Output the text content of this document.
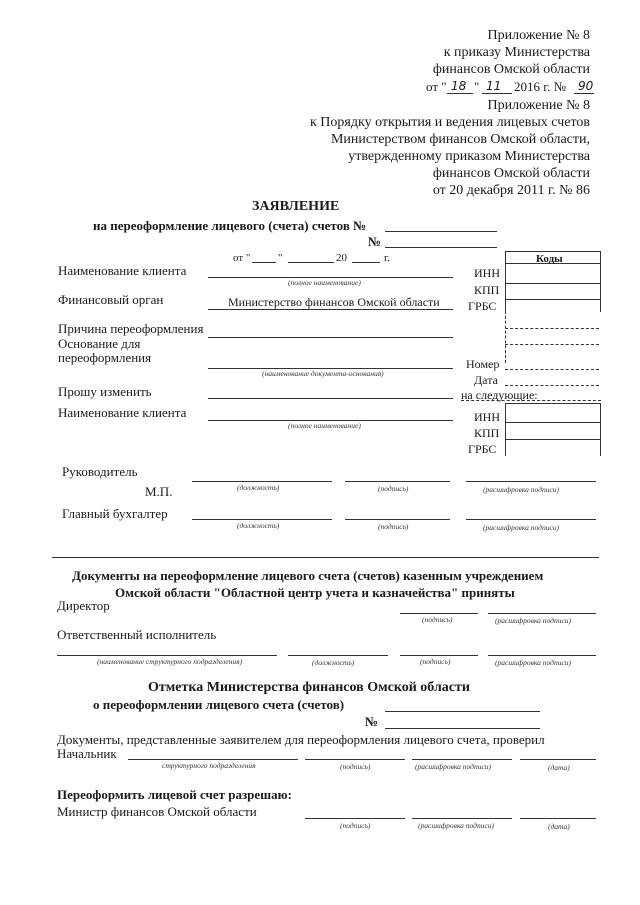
Приложение № 8
к приказу Министерства
финансов Омской области
от " 18 " 11 2016 г. № 90
Приложение № 8
к Порядку открытия и ведения лицевых счетов
Министерством финансов Омской области,
утвержденному приказом Министерства
финансов Омской области
от 20 декабря 2011 г. № 86
ЗАЯВЛЕНИЕ
на переоформление лицевого (счета) счетов №
№
от "	"	20	г.	Коды
Наименование клиента
(полное наименование)
ИНН
КПП
ГРБС
Финансовый орган	Министерство финансов Омской области
Причина переоформления
Основание для
переоформления
(наименование документа-основания)
Номер
Дата
Прошу изменить	на следующие:
Наименование клиента
(полное наименование)
ИНН
КПП
ГРБС
Руководитель
М.П.	(должность)	(подпись)	(расшифровка подписи)
Главный бухгалтер
(должность)	(подпись)	(расшифровка подписи)
Документы на переоформление лицевого счета (счетов) казенным учреждением
Омской области "Областной центр учета и казначейства" приняты
Директор
(подпись)	(расшифровка подписи)
Ответственный исполнитель
(наименование структурного подразделения)	(должность)	(подпись)	(расшифровка подписи)
Отметка Министерства финансов Омской области
о переоформлении лицевого счета (счетов)
№
Документы, представленные заявителем для переоформления лицевого счета, проверил
Начальник
структурного подразделения	(подпись)	(расшифровка подписи)	(дата)
Переоформить лицевой счет разрешаю:
Министр финансов Омской области
(подпись)	(расшифровка подписи)	(дата)
